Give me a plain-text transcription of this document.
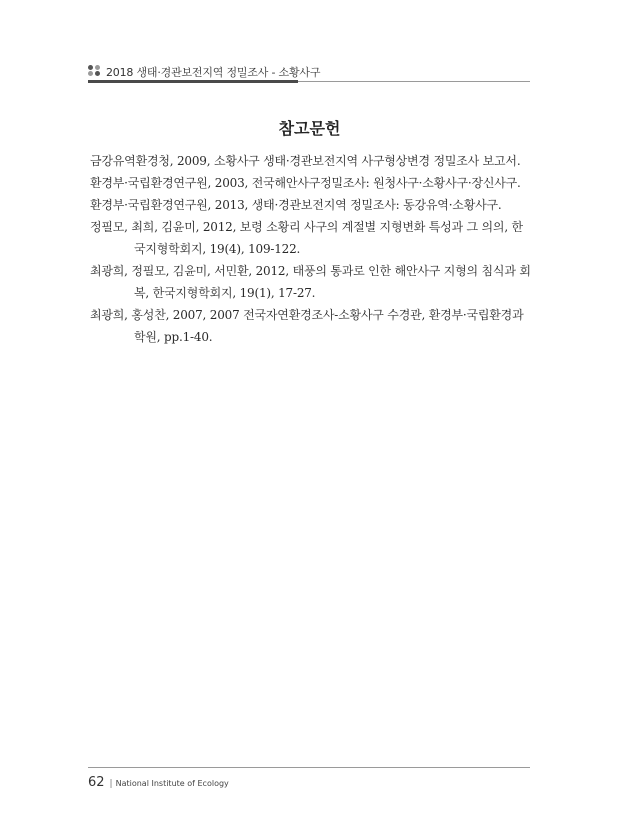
2018 생태·경관보전지역 정밀조사 - 소황사구
참고문헌
금강유역환경청, 2009, 소황사구 생태·경관보전지역 사구형상변경 정밀조사 보고서.
환경부·국립환경연구원, 2003, 전국해안사구정밀조사: 원청사구·소황사구·장신사구.
환경부·국립환경연구원, 2013, 생태·경관보전지역 정밀조사: 동강유역·소황사구.
정필모, 최희, 김윤미, 2012, 보령 소황리 사구의 계절별 지형변화 특성과 그 의의, 한국지형학회지, 19(4), 109-122.
최광희, 정필모, 김윤미, 서민환, 2012, 태풍의 통과로 인한 해안사구 지형의 침식과 회복, 한국지형학회지, 19(1), 17-27.
최광희, 홍성찬, 2007, 2007 전국자연환경조사-소황사구 수경관, 환경부·국립환경과학원, pp.1-40.
62 | National Institute of Ecology
